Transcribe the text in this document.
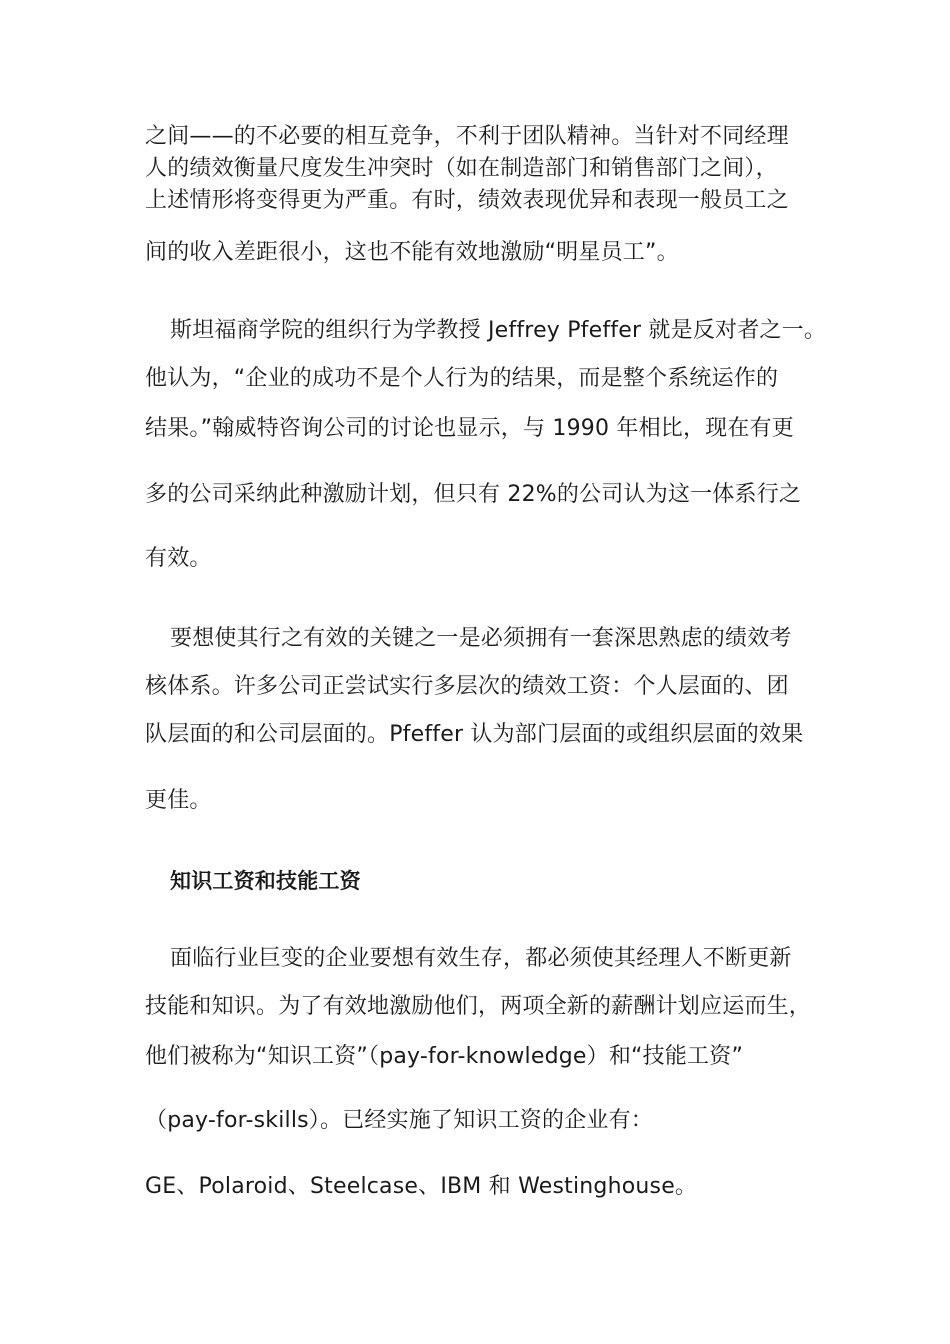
之间——的不必要的相互竞争，不利于团队精神。当针对不同经理
人的绩效衡量尺度发生冲突时（如在制造部门和销售部门之间），
上述情形将变得更为严重。有时，绩效表现优异和表现一般员工之
间的收入差距很小，这也不能有效地激励“明星员工”。
斯坦福商学院的组织行为学教授 Jeffrey Pfeffer 就是反对者之一。
他认为，“企业的成功不是个人行为的结果，而是整个系统运作的
结果。”翰威特咨询公司的讨论也显示，与 1990 年相比，现在有更
多的公司采纳此种激励计划，但只有 22%的公司认为这一体系行之
有效。
要想使其行之有效的关键之一是必须拥有一套深思熟虑的绩效考
核体系。许多公司正尝试实行多层次的绩效工资：个人层面的、团
队层面的和公司层面的。Pfeffer 认为部门层面的或组织层面的效果
更佳。
知识工资和技能工资
面临行业巨变的企业要想有效生存，都必须使其经理人不断更新
技能和知识。为了有效地激励他们，两项全新的薪酬计划应运而生，
他们被称为“知识工资”（pay-for-knowledge）和“技能工资”
（pay-for-skills）。已经实施了知识工资的企业有：
GE、Polaroid、Steelcase、IBM 和 Westinghouse。
